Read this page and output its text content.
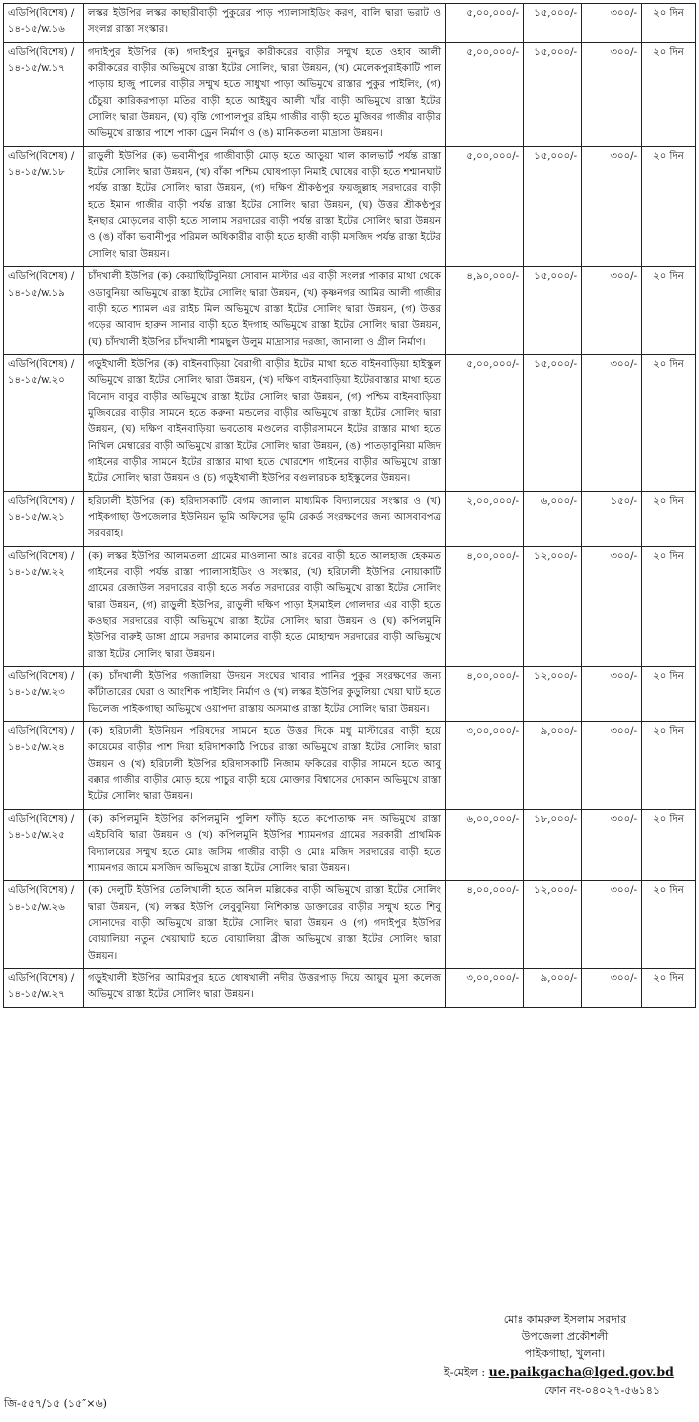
এডিপি(বিশেষ) /১৪-১৫/w.১৬	লস্কর ইউপির লস্কর কাছারীবাড়ী পুকুরের পাড় প্যালাসাইডিং করণ, বালি দ্বারা ভরাট ও সংলগ্ন রাস্তা সংস্কার।	৫,০০,০০০/-	১৫,০০০/-	৩০০/-	২০ দিন
এডিপি(বিশেষ) /১৪-১৫/w.১৭	গদাইপুর ইউপির (ক) গদাইপুর মুনছুর কারীকরের বাড়ীর সম্মুখ হতে ওহাব আলী কারীকরের বাড়ীর অভিমুখে রাস্তা ইটের সোলিং, দ্বারা উন্নয়ন, (খ) মেলেকপুরাইকাটি পাল পাড়ায় হাজু পালের বাড়ীর সম্মুখ হতে সাধুখা পাড়া অভিমুখে রাস্তার পুকুর পাইলিং, (গ) চেঁচুয়া কারিকরপাড়া মতির বাড়ী হতে আইয়ুব আলী খাঁর বাড়ী অভিমুখে রাস্তা ইটের সোলিং দ্বারা উন্নয়ন, (ঘ) বৃন্তি গোপালপুর রহিম গাজীর বাড়ী হতে মুজিবর গাজীর বাড়ীর অভিমুখে রাস্তার পাশে পাকা ড্রেন নির্মাণ ও (ঙ) মানিকতলা মাদ্রাসা উন্নয়ন।	৫,০০,০০০/-	১৫,০০০/-	৩০০/-	২০ দিন
এডিপি(বিশেষ) /১৪-১৫/w.১৮	রাড়ুলী ইউপির (ক) ভবানীপুর গাজীবাড়ী মোড় হতে আড়ুয়া খাল কালভার্ট পর্যন্ত রাস্তা ইটের সোলিং দ্বারা উন্নয়ন, (খ) বাঁকা পশ্চিম ঘোষপাড়া নিমাই ঘোষের বাড়ী হতে শশ্মানঘাট পর্যন্ত রাস্তা ইটের সোলিং দ্বারা উন্নয়ন, (গ) দক্ষিণ শ্রীকণ্ঠপুর ফয়জুল্লাহ সরদারের বাড়ী হতে ইমান গাজীর বাড়ী পর্যন্ত রাস্তা ইটের সোলিং দ্বারা উন্নয়ন, (ঘ) উত্তর শ্রীকণ্ঠপুর ইনছার মোড়লের বাড়ী হতে সালাম সরদারের বাড়ী পর্যন্ত রাস্তা ইটের সোলিং দ্বারা উন্নয়ন ও (ঙ) বাঁকা ভবানীপুর পরিমল অধিকারীর বাড়ী হতে হাজী বাড়ী মসজিদ পর্যন্ত রাস্তা ইটের সোলিং দ্বারা উন্নয়ন।	৫,০০,০০০/-	১৫,০০০/-	৩০০/-	২০ দিন
এডিপি(বিশেষ) /১৪-১৫/w.১৯	চাঁদখালী ইউপির (ক) কেয়াছিটিবুনিয়া সোবান মাস্টার এর বাড়ী সংলগ্ন পাকার মাথা থেকে ওডাবুনিয়া অভিমুখে রাস্তা ইটের সোলিং দ্বারা উন্নয়ন, (খ) কৃষ্ণনগর আমির আলী গাজীর বাড়ী হতে শ্যামল এর রাইচ মিল অভিমুখে রাস্তা ইটের সোলিং দ্বারা উন্নয়ন, (গ) উত্তর গড়ের আবাদ হারুন সানার বাড়ী হতে ইদগাহ অভিমুখে রাস্তা ইটের সোলিং দ্বারা উন্নয়ন, (ঘ) চাঁদখালী ইউপির চাঁদখালী শামছুল উলুম মাদ্রাসার দরজা, জানালা ও গ্রীল নির্মাণ।	৪,৯০,০০০/-	১৫,০০০/-	৩০০/-	২০ দিন
এডিপি(বিশেষ) /১৪-১৫/w.২০	গড়ুইখালী ইউপির (ক) বাইনবাড়িয়া বৈরাগী বাড়ীর ইটের মাথা হতে বাইনবাড়িয়া হাইস্কুল অভিমুখে রাস্তা ইটের সোলিং দ্বারা উন্নয়ন, (খ) দক্ষিণ বাইনবাড়িয়া ইটেরবাস্তার মাথা হতে বিনোদ বাবুর বাড়ীর অভিমুখে রাস্তা ইটের সোলিং দ্বারা উন্নয়ন, (গ) পশ্চিম বাইনবাড়িয়া মুজিবরের বাড়ীর সামনে হতে করুনা মন্ডলের বাড়ীর অভিমুখে রাস্তা ইটের সোলিং দ্বারা উন্নয়ন, (ঘ) দক্ষিণ বাইনবাড়িয়া ভবতোষ মণ্ডলের বাড়ীরসামনে ইটের রাস্তার মাথা হতে নিখিল মেম্বারের বাড়ী অভিমুখে রাস্তা ইটের সোলিং দ্বারা উন্নয়ন, (ঙ) পাতড়াবুনিয়া মজিদ গাইনের বাড়ীর সামনে ইটের রাস্তার মাথা হতে খোরশেদ গাইনের বাড়ীর অভিমুখে রাস্তা ইটের সোলিং দ্বারা উন্নয়ন ও (চ) গড়ুইখালী ইউপির বগুলারচক হাইস্কুলের উন্নয়ন।	৫,০০,০০০/-	১৫,০০০/-	৩০০/-	২০ দিন
এডিপি(বিশেষ) /১৪-১৫/w.২১	হরিঢালী ইউপির (ক) হরিদাসকাটি বেগম জালাল মাধ্যমিক বিদ্যালয়ের সংস্কার ও (খ) পাইকগাছা উপজেলার ইউনিয়ন ভূমি অফিসের ভূমি রেকর্ড সংরক্ষণের জন্য আসবাবপত্র সরবরাহ।	২,০০,০০০/-	৬,০০০/-	১৫০/-	২০ দিন
এডিপি(বিশেষ) /১৪-১৫/w.২২	(ক) লস্কর ইউপির আলমতলা গ্রামের মাওলানা আঃ রবের বাড়ী হতে আলহাজ হেকমত গাইনের বাড়ী পর্যন্ত রাস্তা প্যালাসাইডিং ও সংস্কার, (খ) হরিঢালী ইউপির নোয়াকাটি গ্রামের রেজাউল সরদারের বাড়ী হতে সর্বত সরদারের বাড়ী অভিমুখে রাস্তা ইটের সোলিং দ্বারা উন্নয়ন, (গ) রাড়ুলী ইউপির, রাড়ুলী দক্ষিণ পাড়া ইসমাইল গোলদার এর বাড়ী হতে কওছার সরদারের বাড়ী অভিমুখে রাস্তা ইটের সোলিং দ্বারা উন্নয়ন ও (ঘ) কপিলমুনি ইউপির বারুই ডাঙ্গা গ্রামে সরদার কামালের বাড়ী হতে মোহাম্মদ সরদারের বাড়ী অভিমুখে রাস্তা ইটের সোলিং দ্বারা উন্নয়ন।	৪,০০,০০০/-	১২,০০০/-	৩০০/-	২০ দিন
এডিপি(বিশেষ) /১৪-১৫/w.২৩	(ক) চাঁদখালী ইউপির গজালিয়া উদয়ন সংঘের খাবার পানির পুকুর সংরক্ষণের জন্য কাঁটাতারের ঘেরা ও আংশিক পাইলিং নির্মাণ ও (খ) লস্কর ইউপির কুড়ুলিয়া খেয়া ঘাট হতে ভিলেজ পাইকগাছা অভিমুখে ওয়াপদা রাস্তায় অসমাপ্ত রাস্তা ইটের সোলিং দ্বারা উন্নয়ন।	৪,০০,০০০/-	১২,০০০/-	৩০০/-	২০ দিন
এডিপি(বিশেষ) /১৪-১৫/w.২৪	(ক) হরিঢালী ইউনিয়ন পরিষদের সামনে হতে উত্তর দিকে মধু মাস্টারের বাড়ী হয়ে কায়েমের বাড়ীর পাশ দিয়া হরিদাশকাঠি পিচের রাস্তা অভিমুখে রাস্তা ইটের সোলিং দ্বারা উন্নয়ন ও (খ) হরিঢালী ইউপির হরিদাসকাটি নিজাম ফকিরের বাড়ীর সামনে হতে আবু বক্কার গাজীর বাড়ীর মোড় হয়ে পাচুর বাড়ী হয়ে মোক্তার বিশ্বাসের দোকান অভিমুখে রাস্তা ইটের সোলিং দ্বারা উন্নয়ন।	৩,০০,০০০/-	৯,০০০/-	৩০০/-	২০ দিন
এডিপি(বিশেষ) /১৪-১৫/w.২৫	(ক) কপিলমুনি ইউপির কপিলমুনি পুলিশ ফাঁড়ি হতে কপোতাক্ষ নদ অভিমুখে রাস্তা এইচবিবি দ্বারা উন্নয়ন ও (খ) কপিলমুনি ইউপির শ্যামনগর গ্রামের সরকারী প্রাথমিক বিদ্যালয়ের সম্মুখ হতে মোঃ জসিম গাজীর বাড়ী ও মোঃ মজিদ সরদারের বাড়ী হতে শ্যামনগর জামে মসজিদ অভিমুখে রাস্তা ইটের সোলিং দ্বারা উন্নয়ন।	৬,০০,০০০/-	১৮,০০০/-	৩০০/-	২০ দিন
এডিপি(বিশেষ) /১৪-১৫/w.২৬	(ক) দেলুটি ইউপির তেলিখালী হতে অনিল মল্লিকের বাড়ী অভিমুখে রাস্তা ইটের সোলিং দ্বারা উন্নয়ন, (খ) লস্কর ইউপি লেবুবুনিয়া নিশিকান্ত ডাক্তারের বাড়ীর সম্মুখ হতে শিবু সোনাদের বাড়ী অভিমুখে রাস্তা ইটের সোলিং দ্বারা উন্নয়ন ও (গ) গদাইপুর ইউপির বোয়ালিয়া নতুন খেয়াঘাট হতে বোয়ালিয়া ব্রীজ অভিমুখে রাস্তা ইটের সোলিং দ্বারা উন্নয়ন।	৪,০০,০০০/-	১২,০০০/-	৩০০/-	২০ দিন
এডিপি(বিশেষ) /১৪-১৫/w.২৭	গড়ুইখালী ইউপির আমিরপুর হতে ধোষখালী নদীর উত্তরপাড় দিয়ে আয়ুব মুসা কলেজ অভিমুখে রাস্তা ইটের সোলিং দ্বারা উন্নয়ন।	৩,০০,০০০/-	৯,০০০/-	৩০০/-	২০ দিন
মোঃ কামরুল ইসলাম সরদার
উপজেলা প্রকৌশলী
পাইকগাছা, খুলনা।
ই-মেইল : ue.paikgacha@lged.gov.bd
ফোন নং-০৪০২৭-৫৬১৪১
জি-৫৫৭/১৫ (১৫″×৬)
